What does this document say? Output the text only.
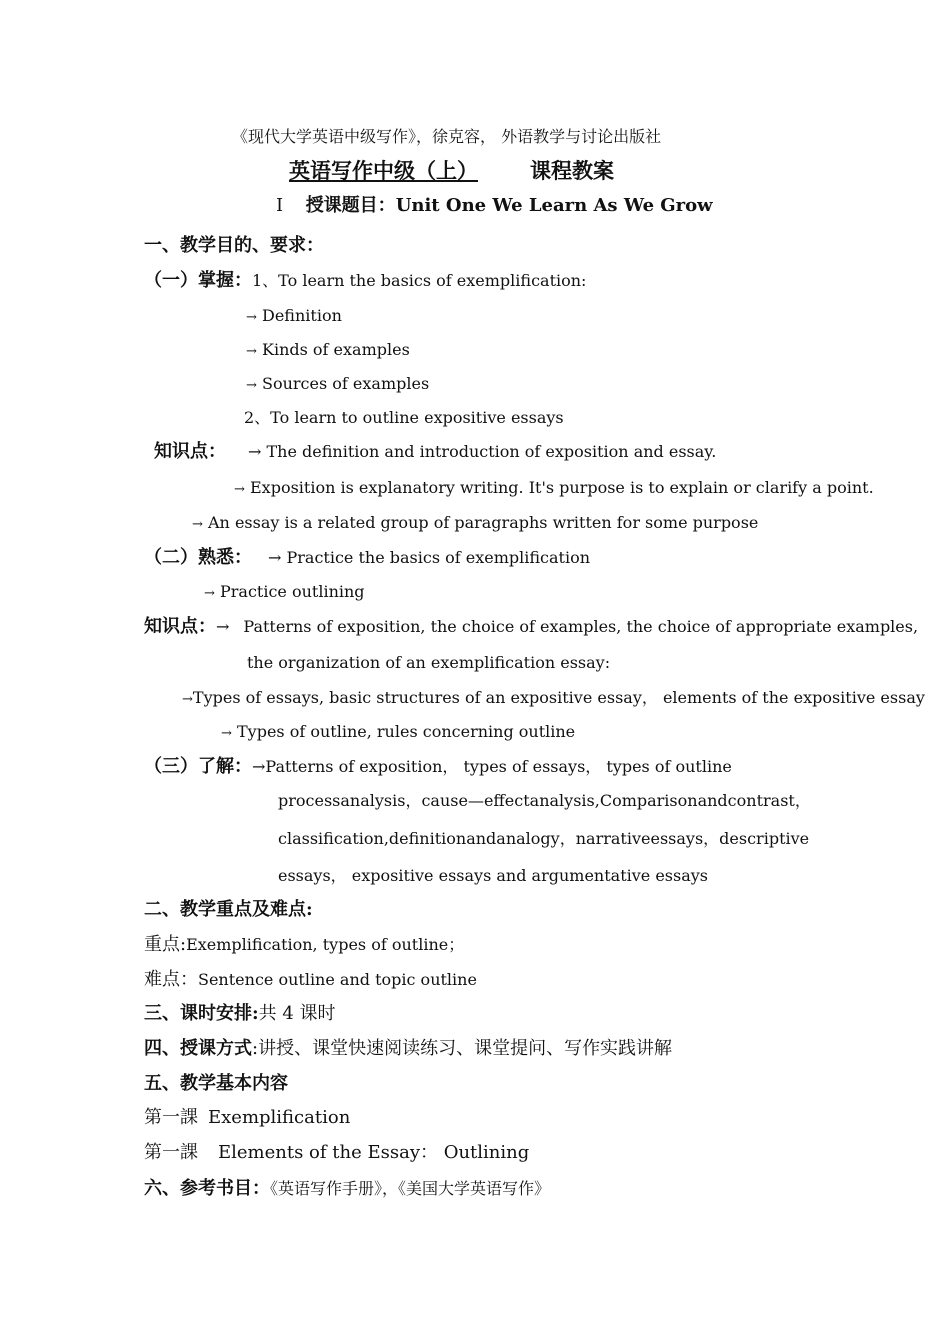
《现代大学英语中级写作》，徐克容， 外语教学与讨论出版社
英语写作中级（上） 课程教案
Ⅰ 授课题目：Unit One We Learn As We Grow
一、教学目的、要求：
（一）掌握：1、To learn the basics of exemplification:
→ Definition
→ Kinds of examples
→ Sources of examples
2、To learn to outline expositive essays
知识点： → The definition and introduction of exposition and essay.
→ Exposition is explanatory writing. It's purpose is to explain or clarify a point.
→ An essay is a related group of paragraphs written for some purpose
（二）熟悉： → Practice the basics of exemplification
→ Practice outlining
知识点：→ Patterns of exposition, the choice of examples, the choice of appropriate examples,
the organization of an exemplification essay:
→Types of essays, basic structures of an expositive essay， elements of the expositive essay
→ Types of outline, rules concerning outline
（三）了解：→Patterns of exposition， types of essays， types of outline
process analysis ， cause—effect analysis, Comparison and contrast ，
classification, definition and analogy ， narrative essays ， descriptive
essays， expositive essays and argumentative essays
二、教学重点及难点:
重点:Exemplification, types of outline；
难点：Sentence outline and topic outline
三、课时安排:共 4 课时
四、授课方式:讲授、课堂快速阅读练习、课堂提问、写作实践讲解
五、教学基本内容
第一課 Exemplification
第一課 Elements of the Essay： Outlining
六、参考书目：《英语写作手册》，《美国大学英语写作》
